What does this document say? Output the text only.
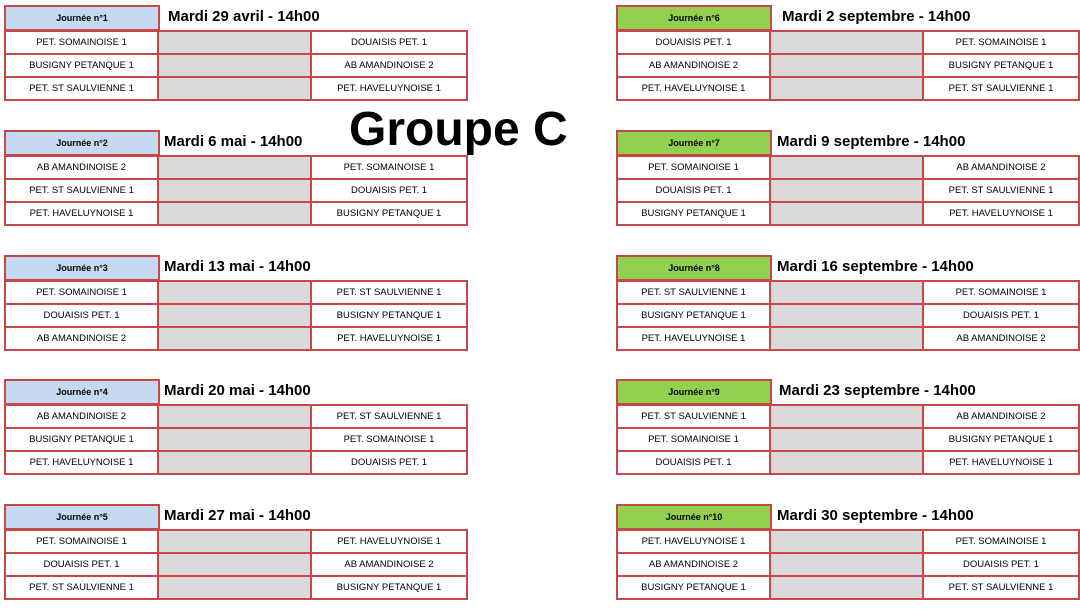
Groupe C
Journée n°1	Mardi 29 avril - 14h00
PET. SOMAINOISE 1		DOUAISIS PET. 1
BUSIGNY PETANQUE 1		AB AMANDINOISE 2
PET. ST SAULVIENNE 1		PET. HAVELUYNOISE 1
Journée n°2	Mardi 6 mai - 14h00
AB AMANDINOISE 2		PET. SOMAINOISE 1
PET. ST SAULVIENNE 1		DOUAISIS PET. 1
PET. HAVELUYNOISE 1		BUSIGNY PETANQUE 1
Journée n°3	Mardi 13 mai - 14h00
PET. SOMAINOISE 1		PET. ST SAULVIENNE 1
DOUAISIS PET. 1		BUSIGNY PETANQUE 1
AB AMANDINOISE 2		PET. HAVELUYNOISE 1
Journée n°4	Mardi 20 mai - 14h00
AB AMANDINOISE 2		PET. ST SAULVIENNE 1
BUSIGNY PETANQUE 1		PET. SOMAINOISE 1
PET. HAVELUYNOISE 1		DOUAISIS PET. 1
Journée n°5	Mardi 27 mai - 14h00
PET. SOMAINOISE 1		PET. HAVELUYNOISE 1
DOUAISIS PET. 1		AB AMANDINOISE 2
PET. ST SAULVIENNE 1		BUSIGNY PETANQUE 1
Journée n°6	Mardi 2 septembre - 14h00
DOUAISIS PET. 1		PET. SOMAINOISE 1
AB AMANDINOISE 2		BUSIGNY PETANQUE 1
PET. HAVELUYNOISE 1		PET. ST SAULVIENNE 1
Journée n°7	Mardi 9 septembre - 14h00
PET. SOMAINOISE 1		AB AMANDINOISE 2
DOUAISIS PET. 1		PET. ST SAULVIENNE 1
BUSIGNY PETANQUE 1		PET. HAVELUYNOISE 1
Journée n°8	Mardi 16 septembre - 14h00
PET. ST SAULVIENNE 1		PET. SOMAINOISE 1
BUSIGNY PETANQUE 1		DOUAISIS PET. 1
PET. HAVELUYNOISE 1		AB AMANDINOISE 2
Journée n°9	Mardi 23 septembre - 14h00
PET. ST SAULVIENNE 1		AB AMANDINOISE 2
PET. SOMAINOISE 1		BUSIGNY PETANQUE 1
DOUAISIS PET. 1		PET. HAVELUYNOISE 1
Journée n°10	Mardi 30 septembre - 14h00
PET. HAVELUYNOISE 1		PET. SOMAINOISE 1
AB AMANDINOISE 2		DOUAISIS PET. 1
BUSIGNY PETANQUE 1		PET. ST SAULVIENNE 1
